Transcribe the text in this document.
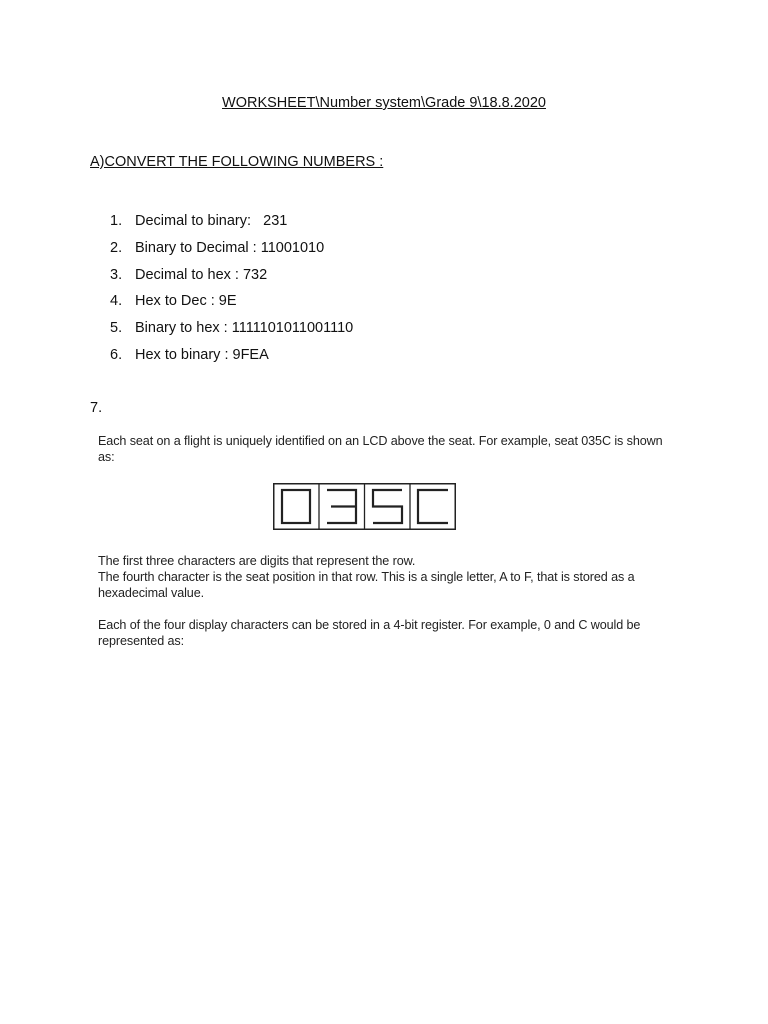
WORKSHEET\Number system\Grade 9\18.8.2020
A)CONVERT THE FOLLOWING NUMBERS :
1. Decimal to binary:   231
2. Binary to Decimal : 11001010
3. Decimal to hex : 732
4. Hex to Dec : 9E
5. Binary to hex : 1111101011001110
6. Hex to binary : 9FEA
7.

Each seat on a flight is uniquely identified on an LCD above the seat. For example, seat 035C is shown as:

The first three characters are digits that represent the row.

The fourth character is the seat position in that row. This is a single letter, A to F, that is stored as a hexadecimal value.

Each of the four display characters can be stored in a 4-bit register. For example, 0 and C would be represented as:
